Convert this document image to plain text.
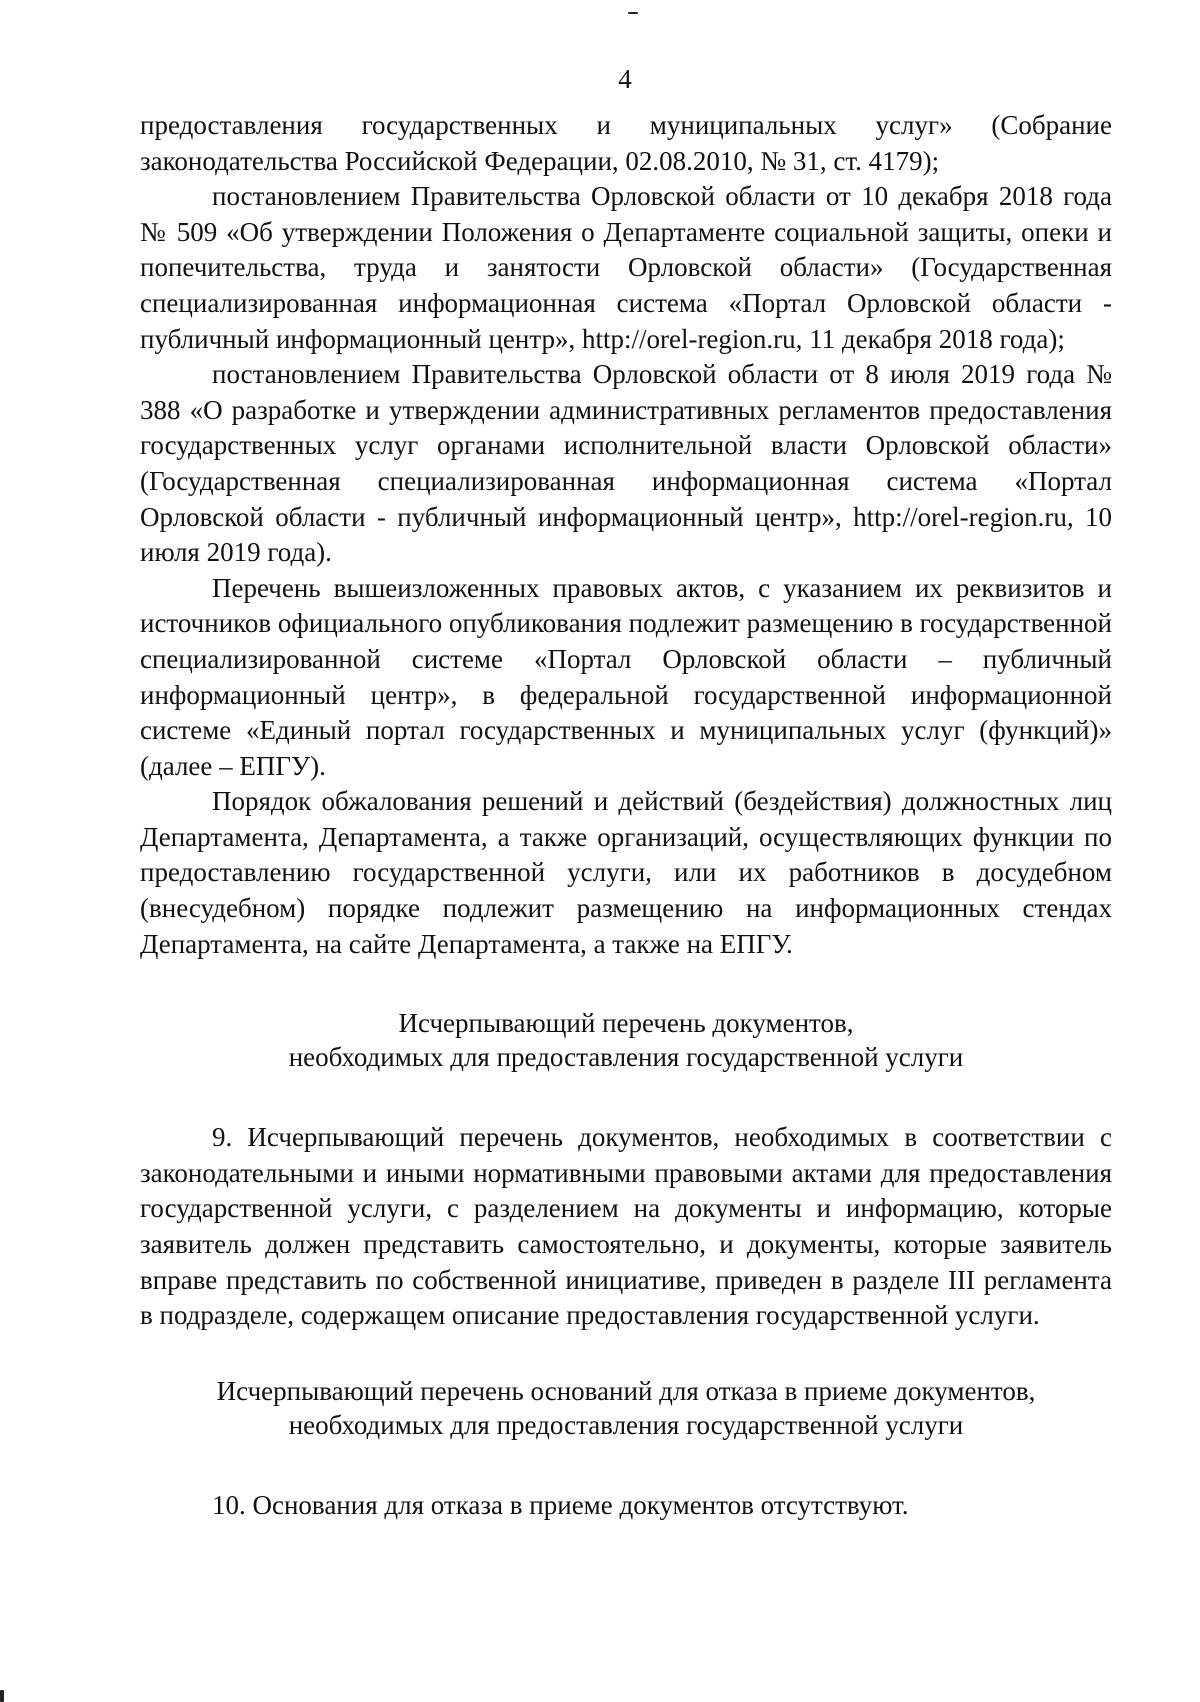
4

предоставления государственных и муниципальных услуг» (Собрание законодательства Российской Федерации, 02.08.2010, № 31, ст. 4179);

постановлением Правительства Орловской области от 10 декабря 2018 года № 509 «Об утверждении Положения о Департаменте социальной защиты, опеки и попечительства, труда и занятости Орловской области» (Государственная специализированная информационная система «Портал Орловской области - публичный информационный центр», http://orel-region.ru, 11 декабря 2018 года);

постановлением Правительства Орловской области от 8 июля 2019 года № 388 «О разработке и утверждении административных регламентов предоставления государственных услуг органами исполнительной власти Орловской области» (Государственная специализированная информационная система «Портал Орловской области - публичный информационный центр», http://orel-region.ru, 10 июля 2019 года).

Перечень вышеизложенных правовых актов, с указанием их реквизитов и источников официального опубликования подлежит размещению в государственной специализированной системе «Портал Орловской области – публичный информационный центр», в федеральной государственной информационной системе «Единый портал государственных и муниципальных услуг (функций)» (далее – ЕПГУ).

Порядок обжалования решений и действий (бездействия) должностных лиц Департамента, Департамента, а также организаций, осуществляющих функции по предоставлению государственной услуги, или их работников в досудебном (внесудебном) порядке подлежит размещению на информационных стендах Департамента, на сайте Департамента, а также на ЕПГУ.

Исчерпывающий перечень документов,
необходимых для предоставления государственной услуги

9. Исчерпывающий перечень документов, необходимых в соответствии с законодательными и иными нормативными правовыми актами для предоставления государственной услуги, с разделением на документы и информацию, которые заявитель должен представить самостоятельно, и документы, которые заявитель вправе представить по собственной инициативе, приведен в разделе III регламента в подразделе, содержащем описание предоставления государственной услуги.

Исчерпывающий перечень оснований для отказа в приеме документов,
необходимых для предоставления государственной услуги

10. Основания для отказа в приеме документов отсутствуют.
